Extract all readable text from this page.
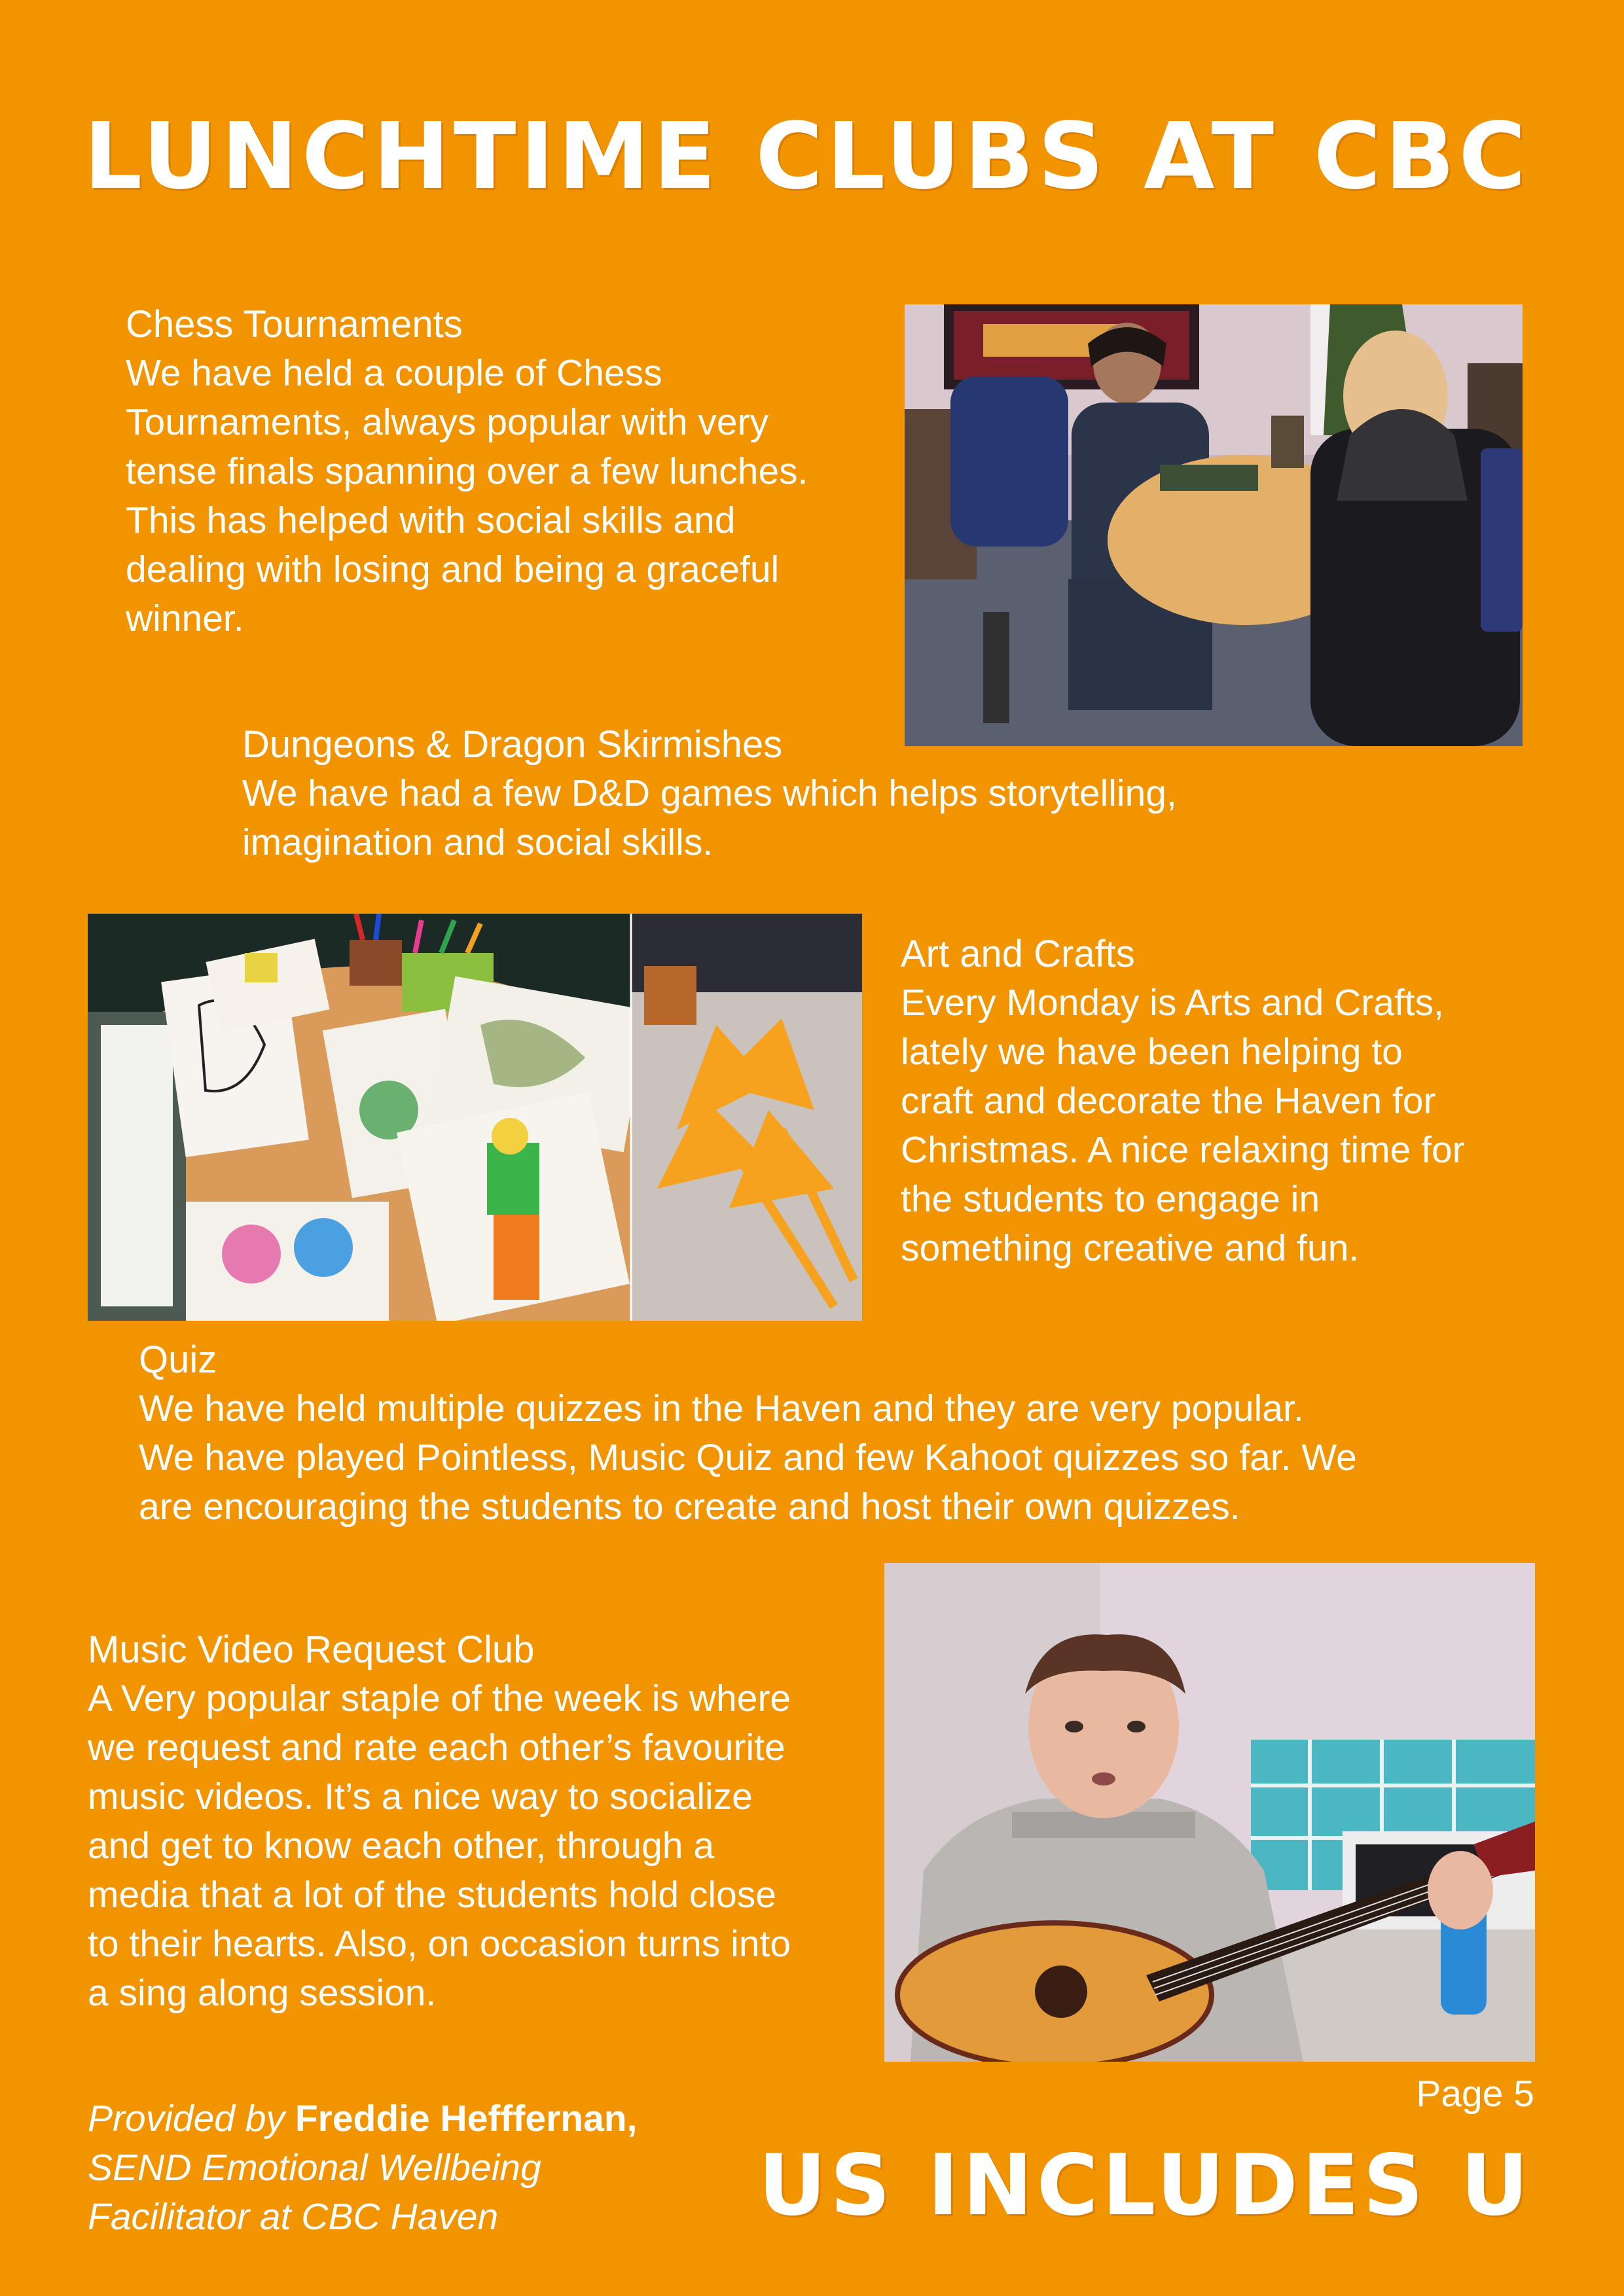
LUNCHTIME CLUBS AT CBC
Chess Tournaments
We have held a couple of Chess
Tournaments, always popular with very
tense finals spanning over a few lunches.
This has helped with social skills and
dealing with losing and being a graceful
winner.
Dungeons & Dragon Skirmishes
We have had a few D&D games which helps storytelling,
imagination and social skills.
Art and Crafts
Every Monday is Arts and Crafts,
lately we have been helping to
craft and decorate the Haven for
Christmas. A nice relaxing time for
the students to engage in
something creative and fun.
Quiz
We have held multiple quizzes in the Haven and they are very popular.
We have played Pointless, Music Quiz and few Kahoot quizzes so far. We
are encouraging the students to create and host their own quizzes.
Music Video Request Club
A Very popular staple of the week is where
we request and rate each other’s favourite
music videos. It’s a nice way to socialize
and get to know each other, through a
media that a lot of the students hold close
to their hearts. Also, on occasion turns into
a sing along session.
Provided by Freddie Hefffernan,
SEND Emotional Wellbeing
Facilitator at CBC Haven
Page 5
US INCLUDES U
